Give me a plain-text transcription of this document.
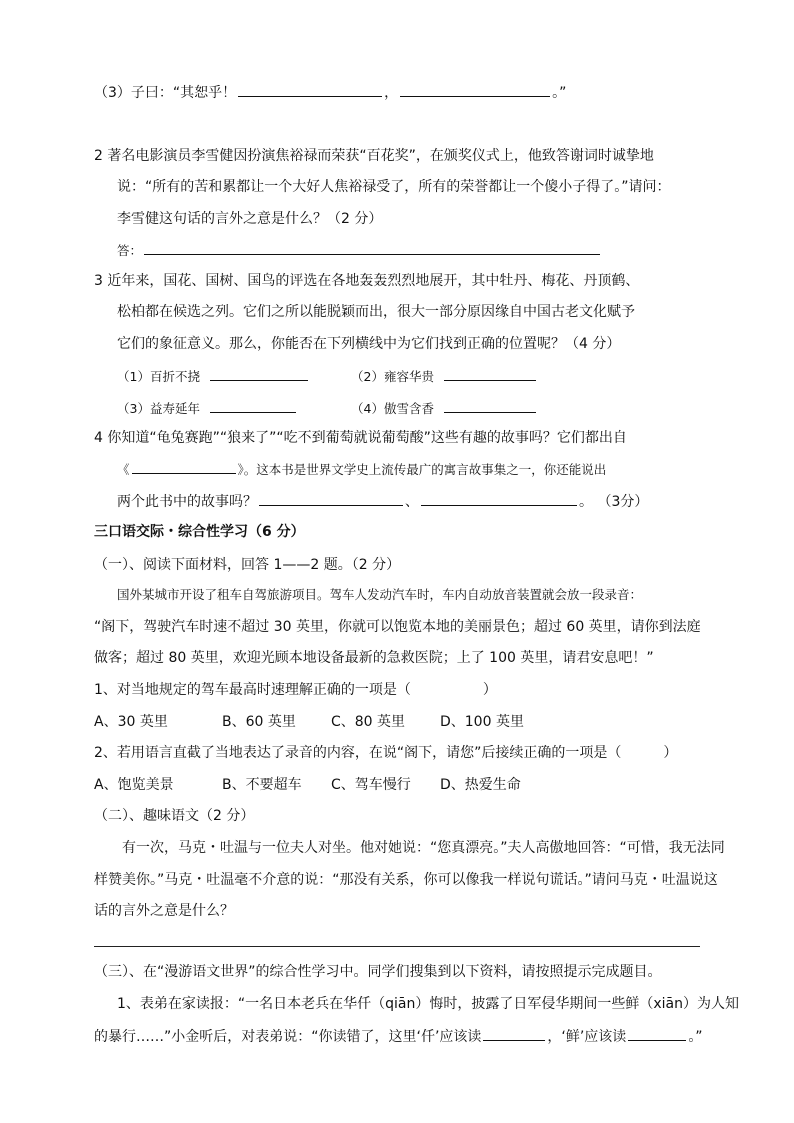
（3）子曰：“其恕乎！	，	。”
2 著名电影演员李雪健因扮演焦裕禄而荣获“百花奖”，在颁奖仪式上，他致答谢词时诚挚地
说：“所有的苦和累都让一个大好人焦裕禄受了，所有的荣誉都让一个傻小子得了。”请问：
李雪健这句话的言外之意是什么？（2 分）
答：
3 近年来，国花、国树、国鸟的评选在各地轰轰烈烈地展开，其中牡丹、梅花、丹顶鹤、
松柏都在候选之列。它们之所以能脱颖而出，很大一部分原因缘自中国古老文化赋予
它们的象征意义。那么，你能否在下列横线中为它们找到正确的位置呢？（4 分）
（1）百折不挠	（2）雍容华贵
（3）益寿延年	（4）傲雪含香
4 你知道“龟兔赛跑”“狼来了”“吃不到葡萄就说葡萄酸”这些有趣的故事吗？它们都出自
《	》。这本书是世界文学史上流传最广的寓言故事集之一，你还能说出
两个此书中的故事吗？	、	。 （3分）
三口语交际・综合性学习（6 分）
（一）、阅读下面材料，回答 1——2 题。（2 分）
国外某城市开设了租车自驾旅游项目。驾车人发动汽车时，车内自动放音装置就会放一段录音：
“阁下，驾驶汽车时速不超过 30 英里，你就可以饱览本地的美丽景色；超过 60 英里，请你到法庭
做客；超过 80 英里，欢迎光顾本地设备最新的急救医院；上了 100 英里，请君安息吧！”
1、对当地规定的驾车最高时速理解正确的一项是（	）
A、30 英里	B、60 英里	C、80 英里 D、100 英里
2、若用语言直截了当地表达了录音的内容，在说“阁下，请您”后接续正确的一项是（	）
A、饱览美景	B、不要超车 C、驾车慢行 D、热爱生命
（二）、趣味语文（2 分）
有一次，马克・吐温与一位夫人对坐。他对她说：“您真漂亮。”夫人高傲地回答：“可惜，我无法同
样赞美你。”马克・吐温毫不介意的说：“那没有关系，你可以像我一样说句谎话。”请问马克・吐温说这
话的言外之意是什么？
（三）、在“漫游语文世界”的综合性学习中。同学们搜集到以下资料，请按照提示完成题目。
1、表弟在家读报：“一名日本老兵在华仟（qiān）悔时，披露了日军侵华期间一些鲜（xiān）为人知
的暴行……”小金听后，对表弟说：“你读错了，这里‘仟’应该读	，‘鲜’应该读	。”
